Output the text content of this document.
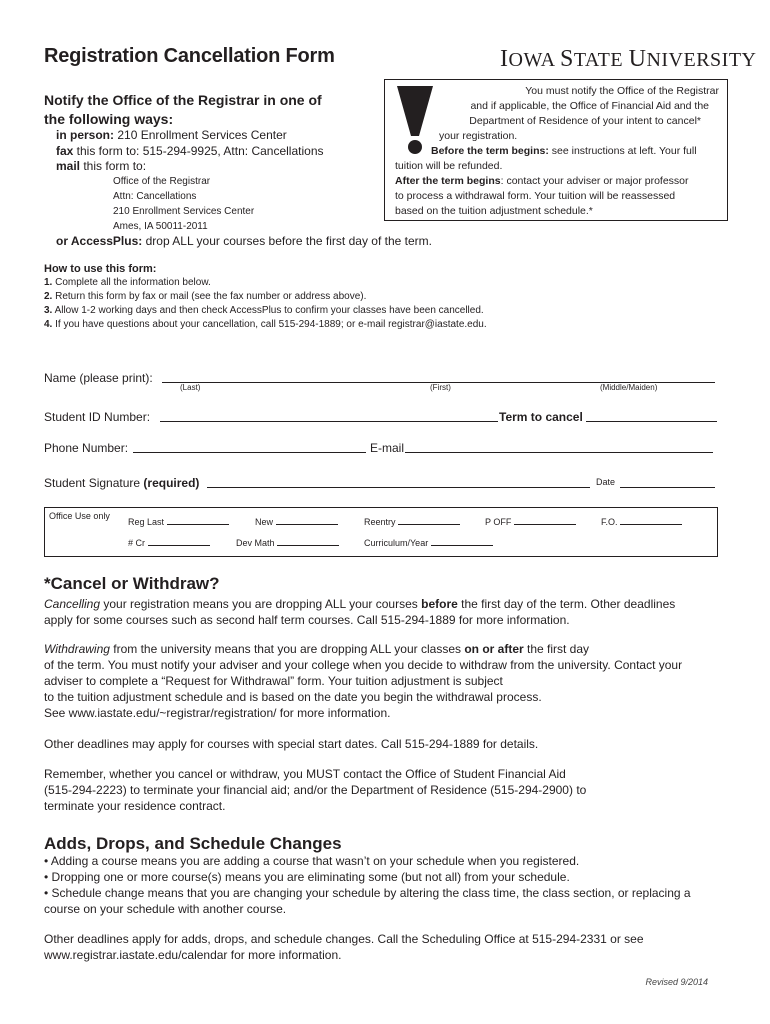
Registration Cancellation Form	IOWA STATE UNIVERSITY
Notify the Office of the Registrar in one of
the following ways:
in person: 210 Enrollment Services Center
fax this form to: 515-294-9925, Attn: Cancellations
mail this form to:
Office of the Registrar
Attn: Cancellations
210 Enrollment Services Center
Ames, IA 50011-2011
or AccessPlus: drop ALL your courses before the first day of the term.
You must notify the Office of the Registrar
and if applicable, the Office of Financial Aid and the
Department of Residence of your intent to cancel*
your registration.
Before the term begins: see instructions at left. Your full
tuition will be refunded.
After the term begins: contact your adviser or major professor
to process a withdrawal form. Your tuition will be reassessed
based on the tuition adjustment schedule.*
How to use this form:
1. Complete all the information below.
2. Return this form by fax or mail (see the fax number or address above).
3. Allow 1-2 working days and then check AccessPlus to confirm your classes have been cancelled.
4. If you have questions about your cancellation, call 515-294-1889; or e-mail registrar@iastate.edu.
Name (please print):
(Last)	(First)	(Middle/Maiden)
Student ID Number:	Term to cancel
Phone Number:	E-mail
Student Signature (required)	Date
Office Use only
Reg Last	New	Reentry	P OFF	F.O.
# Cr	Dev Math	Curriculum/Year
*Cancel or Withdraw?
Cancelling your registration means you are dropping ALL your courses before the first day of the term. Other deadlines
apply for some courses such as second half term courses. Call 515-294-1889 for more information.
Withdrawing from the university means that you are dropping ALL your classes on or after the first day
of the term. You must notify your adviser and your college when you decide to withdraw from the university. Contact your
adviser to complete a “Request for Withdrawal” form. Your tuition adjustment is subject
to the tuition adjustment schedule and is based on the date you begin the withdrawal process.
See www.iastate.edu/~registrar/registration/ for more information.
Other deadlines may apply for courses with special start dates. Call 515-294-1889 for details.
Remember, whether you cancel or withdraw, you MUST contact the Office of Student Financial Aid
(515-294-2223) to terminate your financial aid; and/or the Department of Residence (515-294-2900) to
terminate your residence contract.
Adds, Drops, and Schedule Changes
• Adding a course means you are adding a course that wasn’t on your schedule when you registered.
• Dropping one or more course(s) means you are eliminating some (but not all) from your schedule.
• Schedule change means that you are changing your schedule by altering the class time, the class section, or replacing a
course on your schedule with another course.
Other deadlines apply for adds, drops, and schedule changes. Call the Scheduling Office at 515-294-2331 or see
www.registrar.iastate.edu/calendar for more information.
Revised 9/2014
